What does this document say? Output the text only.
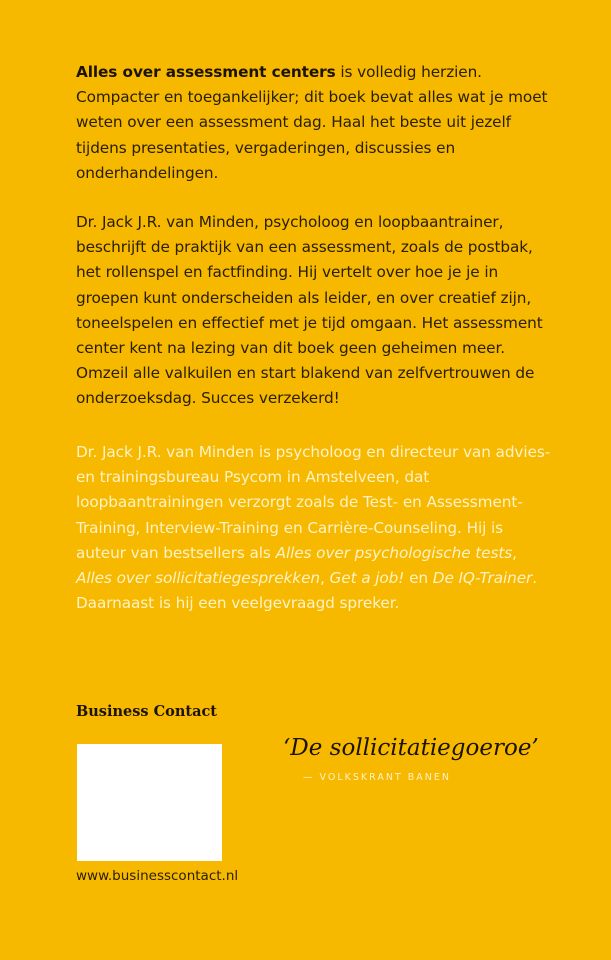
Alles over assessment centers is volledig herzien. Compacter en toegankelijker; dit boek bevat alles wat je moet weten over een assessment dag. Haal het beste uit jezelf tijdens presentaties, vergaderingen, discussies en onderhandelingen.

Dr. Jack J.R. van Minden, psycholoog en loopbaantrainer, beschrijft de praktijk van een assessment, zoals de postbak, het rollenspel en factfinding. Hij vertelt over hoe je je in groepen kunt onderscheiden als leider, en over creatief zijn, toneelspelen en effectief met je tijd omgaan. Het assessment center kent na lezing van dit boek geen geheimen meer. Omzeil alle valkuilen en start blakend van zelfvertrouwen de onderzoeksdag. Succes verzekerd!

Dr. Jack J.R. van Minden is psycholoog en directeur van advies- en trainingsbureau Psycom in Amstelveen, dat loopbaantrainingen verzorgt zoals de Test- en Assessment-Training, Interview-Training en Carrière-Counseling. Hij is auteur van bestsellers als Alles over psychologische tests, Alles over sollicitatiegesprekken, Get a job! en De IQ-Trainer. Daarnaast is hij een veelgevraagd spreker.

Business Contact
www.businesscontact.nl
‘De sollicitatiegoeroe’
— VOLKSKRANT BANEN
